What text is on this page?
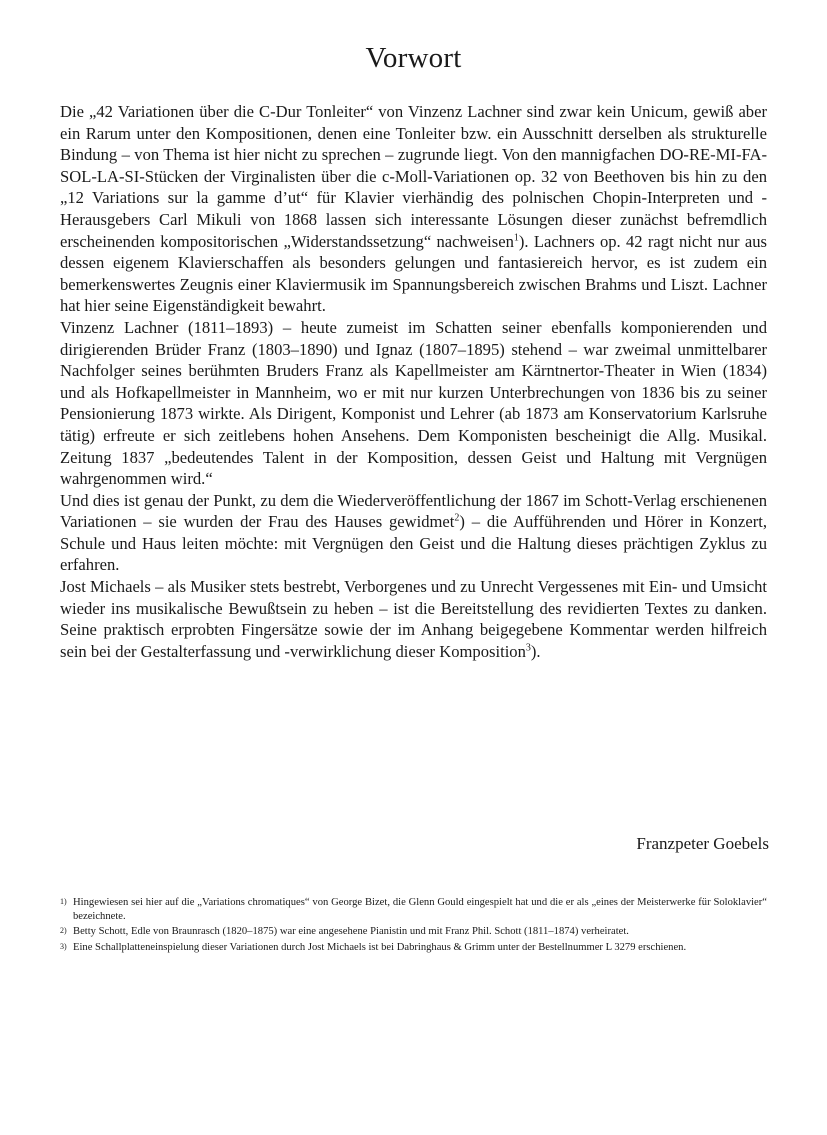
Vorwort

Die „42 Variationen über die C-Dur Tonleiter“ von Vinzenz Lachner sind zwar kein Unicum, gewiß aber ein Rarum unter den Kompositionen, denen eine Tonleiter bzw. ein Ausschnitt derselben als strukturelle Bindung – von Thema ist hier nicht zu sprechen – zugrunde liegt. Von den mannigfachen DO-RE-MI-FA-SOL-LA-SI-Stücken der Virginalisten über die c-Moll-Variationen op. 32 von Beethoven bis hin zu den „12 Variations sur la gamme d’ut“ für Klavier vierhändig des polnischen Chopin-Interpreten und -Herausgebers Carl Mikuli von 1868 lassen sich interessante Lösungen dieser zunächst befremdlich erscheinenden kompositorischen „Widerstandssetzung“ nachweisen$^1$). Lachners op. 42 ragt nicht nur aus dessen eigenem Klavierschaffen als besonders gelungen und fantasiereich hervor, es ist zudem ein bemerkenswertes Zeugnis einer Klaviermusik im Spannungsbereich zwischen Brahms und Liszt. Lachner hat hier seine Eigenständigkeit bewahrt.

Vinzenz Lachner (1811–1893) – heute zumeist im Schatten seiner ebenfalls komponierenden und dirigierenden Brüder Franz (1803–1890) und Ignaz (1807–1895) stehend – war zweimal unmittelbarer Nachfolger seines berühmten Bruders Franz als Kapellmeister am Kärntnertor-Theater in Wien (1834) und als Hofkapellmeister in Mannheim, wo er mit nur kurzen Unterbrechungen von 1836 bis zu seiner Pensionierung 1873 wirkte. Als Dirigent, Komponist und Lehrer (ab 1873 am Konservatorium Karlsruhe tätig) erfreute er sich zeitlebens hohen Ansehens. Dem Komponisten bescheinigt die Allg. Musikal. Zeitung 1837 „bedeutendes Talent in der Komposition, dessen Geist und Haltung mit Vergnügen wahrgenommen wird.“

Und dies ist genau der Punkt, zu dem die Wiederveröffentlichung der 1867 im Schott-Verlag erschienenen Variationen – sie wurden der Frau des Hauses gewidmet$^2$) – die Aufführenden und Hörer in Konzert, Schule und Haus leiten möchte: mit Vergnügen den Geist und die Haltung dieses prächtigen Zyklus zu erfahren.

Jost Michaels – als Musiker stets bestrebt, Verborgenes und zu Unrecht Vergessenes mit Ein- und Umsicht wieder ins musikalische Bewußtsein zu heben – ist die Bereitstellung des revidierten Textes zu danken. Seine praktisch erprobten Fingersätze sowie der im Anhang beigegebene Kommentar werden hilfreich sein bei der Gestalterfassung und -verwirklichung dieser Komposition$^3$).

Franzpeter Goebels

1) Hingewiesen sei hier auf die „Variations chromatiques“ von George Bizet, die Glenn Gould eingespielt hat und die er als „eines der Meisterwerke für Soloklavier“ bezeichnete.
2) Betty Schott, Edle von Braunrasch (1820–1875) war eine angesehene Pianistin und mit Franz Phil. Schott (1811–1874) verheiratet.
3) Eine Schallplatteneinspielung dieser Variationen durch Jost Michaels ist bei Dabringhaus & Grimm unter der Bestellnummer L 3279 erschienen.
